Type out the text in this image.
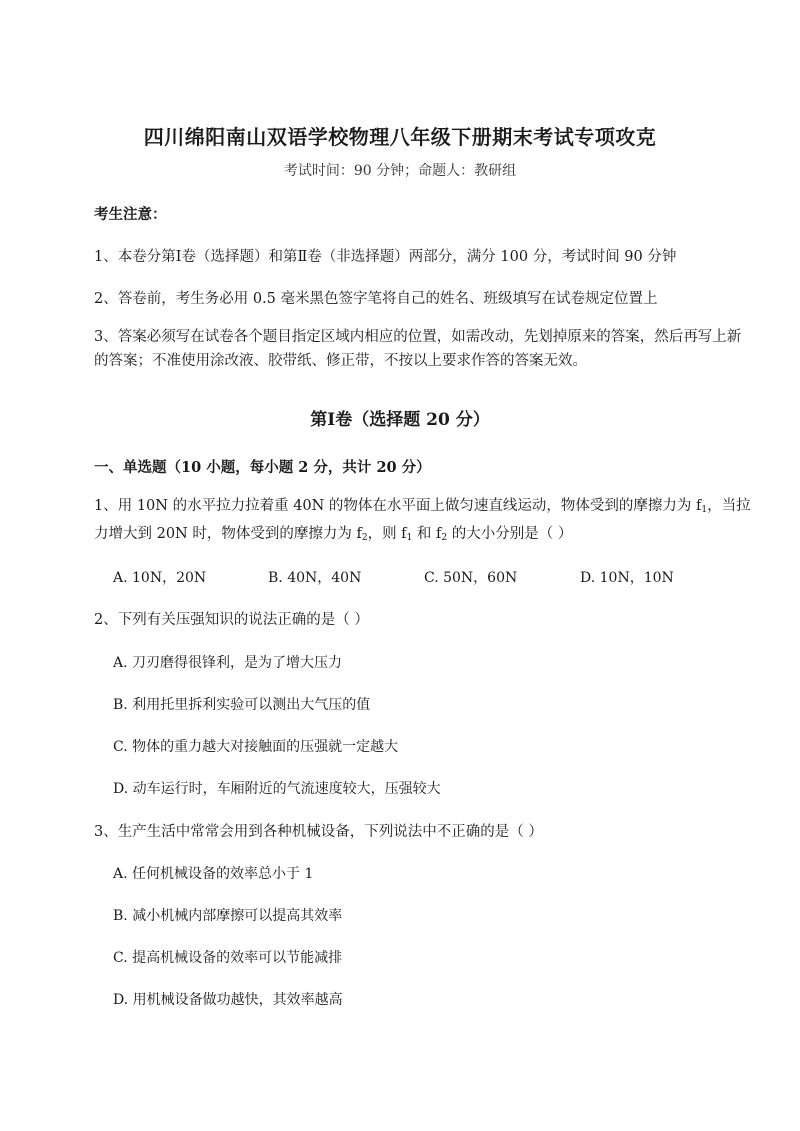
四川绵阳南山双语学校物理八年级下册期末考试专项攻克
考试时间：90 分钟；命题人：教研组
考生注意：
1、本卷分第Ⅰ卷（选择题）和第Ⅱ卷（非选择题）两部分，满分 100 分，考试时间 90 分钟
2、答卷前，考生务必用 0.5 毫米黑色签字笔将自己的姓名、班级填写在试卷规定位置上
3、答案必须写在试卷各个题目指定区域内相应的位置，如需改动，先划掉原来的答案，然后再写上新的答案；不准使用涂改液、胶带纸、修正带，不按以上要求作答的答案无效。
第Ⅰ卷（选择题 20 分）
一、单选题（10 小题，每小题 2 分，共计 20 分）
1、用 10N 的水平拉力拉着重 40N 的物体在水平面上做匀速直线运动，物体受到的摩擦力为 $f_1$，当拉力增大到 20N 时，物体受到的摩擦力为 $f_2$，则 $f_1$ 和 $f_2$ 的大小分别是（ ）
A. 10N，20N	B. 40N，40N	C. 50N，60N	D. 10N，10N
2、下列有关压强知识的说法正确的是（ ）
A. 刀刃磨得很锋利，是为了增大压力
B. 利用托里拆利实验可以测出大气压的值
C. 物体的重力越大对接触面的压强就一定越大
D. 动车运行时，车厢附近的气流速度较大，压强较大
3、生产生活中常常会用到各种机械设备，下列说法中不正确的是（ ）
A. 任何机械设备的效率总小于 1
B. 减小机械内部摩擦可以提高其效率
C. 提高机械设备的效率可以节能减排
D. 用机械设备做功越快，其效率越高
